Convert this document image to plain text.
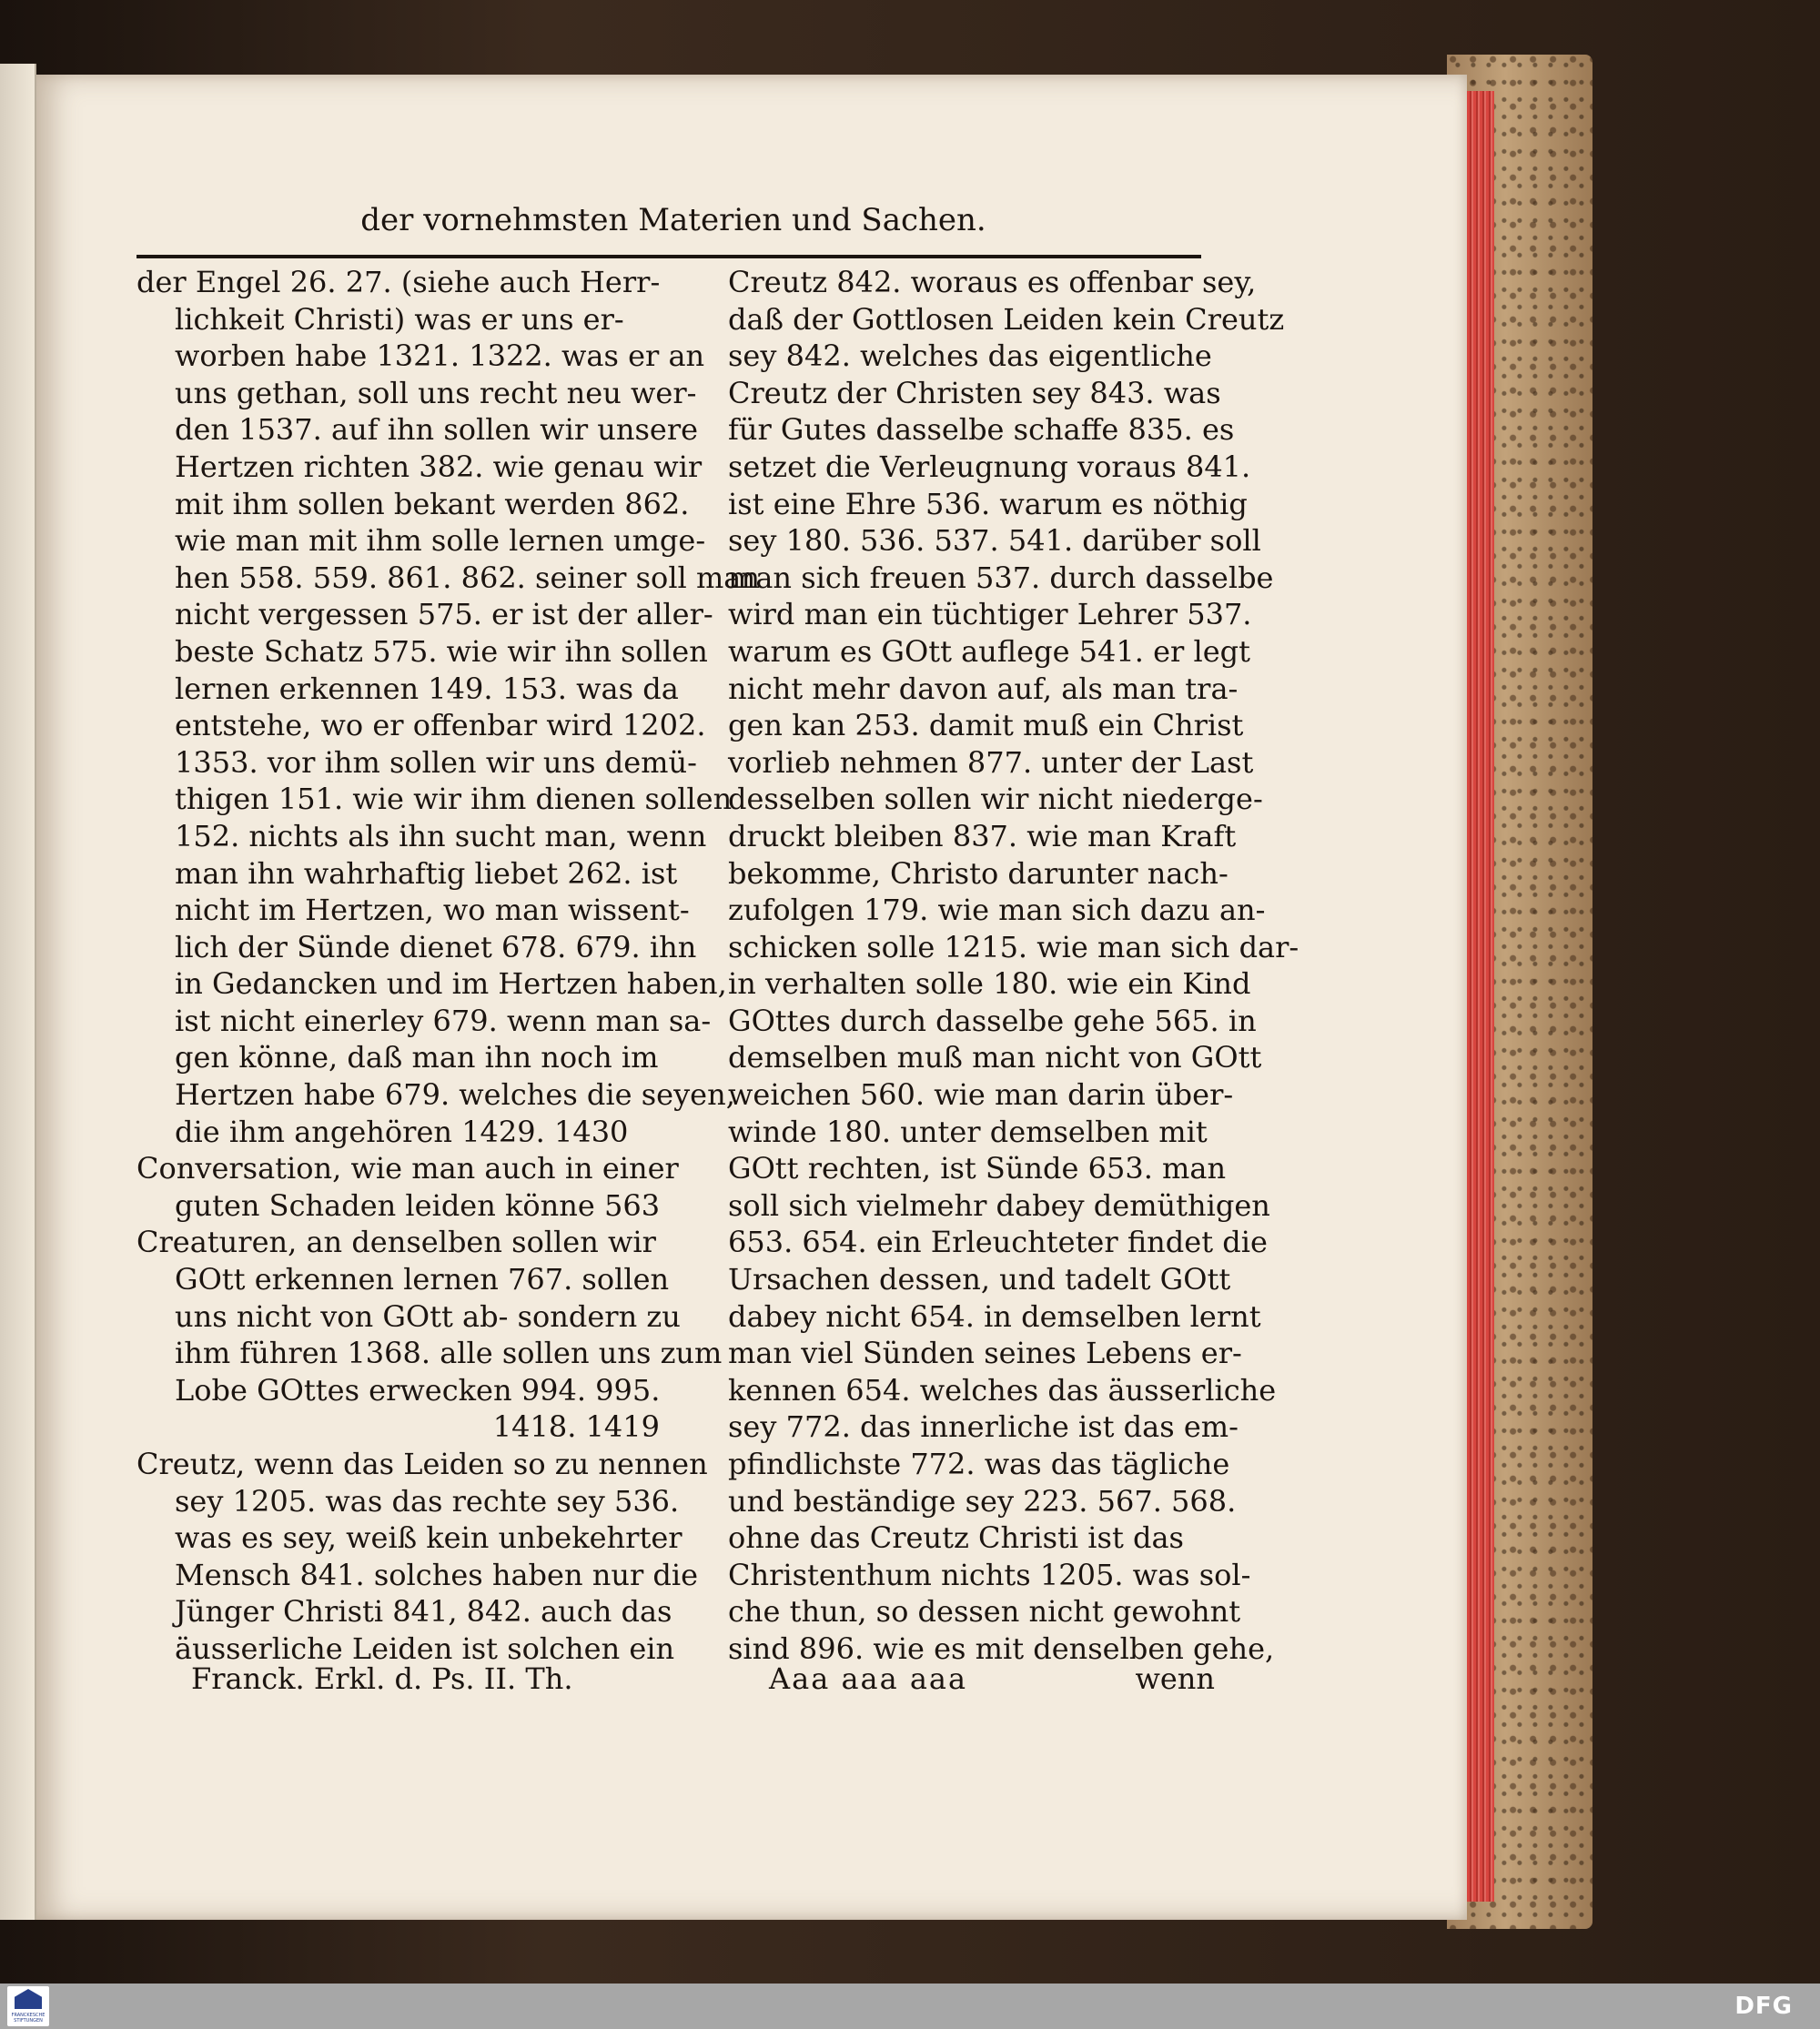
der vornehmsten Materien und Sachen.
der Engel 26. 27. (siehe auch Herr-
lichkeit Christi) was er uns er-
worben habe 1321. 1322. was er an
uns gethan, soll uns recht neu wer-
den 1537. auf ihn sollen wir unsere
Hertzen richten 382. wie genau wir
mit ihm sollen bekant werden 862.
wie man mit ihm solle lernen umge-
hen 558. 559. 861. 862. seiner soll man
nicht vergessen 575. er ist der aller-
beste Schatz 575. wie wir ihn sollen
lernen erkennen 149. 153. was da
entstehe, wo er offenbar wird 1202.
1353. vor ihm sollen wir uns demü-
thigen 151. wie wir ihm dienen sollen
152. nichts als ihn sucht man, wenn
man ihn wahrhaftig liebet 262. ist
nicht im Hertzen, wo man wissent-
lich der Sünde dienet 678. 679. ihn
in Gedancken und im Hertzen haben,
ist nicht einerley 679. wenn man sa-
gen könne, daß man ihn noch im
Hertzen habe 679. welches die seyen,
die ihm angehören 1429. 1430
Conversation, wie man auch in einer
guten Schaden leiden könne 563
Creaturen, an denselben sollen wir
GOtt erkennen lernen 767. sollen
uns nicht von GOtt ab- sondern zu
ihm führen 1368. alle sollen uns zum
Lobe GOttes erwecken 994. 995.
1418. 1419
Creutz, wenn das Leiden so zu nennen
sey 1205. was das rechte sey 536.
was es sey, weiß kein unbekehrter
Mensch 841. solches haben nur die
Jünger Christi 841, 842. auch das
äusserliche Leiden ist solchen ein
Creutz 842. woraus es offenbar sey,
daß der Gottlosen Leiden kein Creutz
sey 842. welches das eigentliche
Creutz der Christen sey 843. was
für Gutes dasselbe schaffe 835. es
setzet die Verleugnung voraus 841.
ist eine Ehre 536. warum es nöthig
sey 180. 536. 537. 541. darüber soll
man sich freuen 537. durch dasselbe
wird man ein tüchtiger Lehrer 537.
warum es GOtt auflege 541. er legt
nicht mehr davon auf, als man tra-
gen kan 253. damit muß ein Christ
vorlieb nehmen 877. unter der Last
desselben sollen wir nicht niederge-
druckt bleiben 837. wie man Kraft
bekomme, Christo darunter nach-
zufolgen 179. wie man sich dazu an-
schicken solle 1215. wie man sich dar-
in verhalten solle 180. wie ein Kind
GOttes durch dasselbe gehe 565. in
demselben muß man nicht von GOtt
weichen 560. wie man darin über-
winde 180. unter demselben mit
GOtt rechten, ist Sünde 653. man
soll sich vielmehr dabey demüthigen
653. 654. ein Erleuchteter findet die
Ursachen dessen, und tadelt GOtt
dabey nicht 654. in demselben lernt
man viel Sünden seines Lebens er-
kennen 654. welches das äusserliche
sey 772. das innerliche ist das em-
pfindlichste 772. was das tägliche
und beständige sey 223. 567. 568.
ohne das Creutz Christi ist das
Christenthum nichts 1205. was sol-
che thun, so dessen nicht gewohnt
sind 896. wie es mit denselben gehe,
Franck. Erkl. d. Ps. II. Th.	Aaa aaa aaa	wenn
FRANCKESCHE STIFTUNGEN
DFG
